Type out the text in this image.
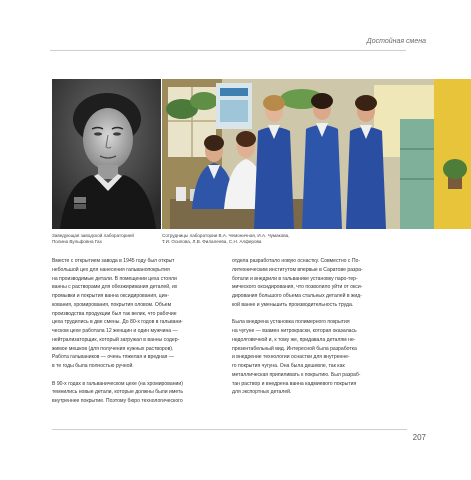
Достойная смена
Заведующая заводской лабораторией
Полина Вульфовна Гах
Сотрудницы лаборатории В.А. Чемоничная, И.А. Чумакова,
Т.И. Осипова, Л.В. Филалеева, С.Н. Алферова

Вместе с открытием завода в 1945 году был открыт
небольшой цех для нанесения гальванопокрытия
на производимые детали. В помещении цеха стояли
ванны с растворами для обезжиривания деталей, их
промывки и покрытия ванна оксидирования, цин-
кования, хромирования, покрытия оловом. Объем
производства продукции был так велик, что рабочие
цеха трудились в две смены. До 80-х годов в гальвани-
ческом цехе работала 12 женщин и один мужчина —
нейтрализаторщик, который загружал в ванны содер-
жимое мешков (для получения нужных растворов).
Работа гальваников — очень тяжелая и вредная —
в те годы была полностью ручной.

В 90-х годах в гальваническом цехе (на хромировании)
темнились новые детали, которые должны были иметь
внутреннее покрытие. Поэтому бюро технологического

отдела разработало новую оснастку. Совместно с По-
литехническим институтом впервые в Саратове разра-
ботали и внедрили в гальванике установку паро-тер-
мического оксидирования, что позволило уйти от окси-
дирования большого объема стальных деталей в жид-
кой ванне и уменьшить производительность труда.

Была внедрена установка полимерного покрытия
на чугуне — взамен нитрокраски, которая оказалась
недолговечной и, к тому же, придавала деталям не-
презентабельный вид. Интересной была разработка
и внедрение технологии оснастки для внутренне-
го покрытия чугуна. Она была дешевле, так как
металлическая припиливать к покрытию. Был разраб-
тан раствор и внедрена ванна кадмиевого покрытия
для экспортных деталей.

207
